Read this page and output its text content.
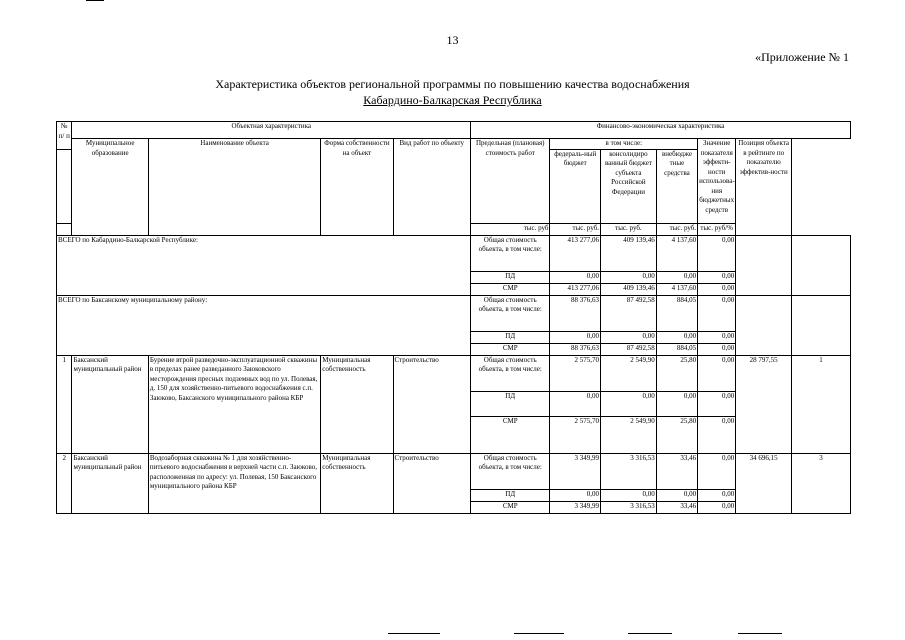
13
«Приложение № 1
Характеристика объектов региональной программы по повышению качества водоснабжения
Кабардино-Балкарская Республика
№ п/ п	Объектная характеристика				Финансово-экономическая характеристика						
	Муниципальное образование	Наименование объекта	Форма собственности на объект	Вид работ по объекту	Предельная (плановая) стоимость работ	в том числе:			Значение показателя эффекти-ности использова-ния бюджетных средств	Позиция объекта в рейтинге по показателю эффектив-ности	
						федераль-ный бюджет	консолидиро ванный бюджет субъекта Российской Федерации	внебюдже тные средства			
					тыс. руб	тыс. руб.	тыс. руб.	тыс. руб.	тыс. руб/%		
ВСЕГО по Кабардино-Балкарской Республике:					Общая стоимость объекта, в том числе:	413 277,06	409 139,46	4 137,60	0,00		
					ПД	0,00	0,00	0,00	0,00		
					СМР	413 277,06	409 139,46	4 137,60	0,00		
ВСЕГО по Баксанскому муниципальному району:					Общая стоимость объекта, в том числе:	88 376,63	87 492,58	884,05	0,00		
					ПД	0,00	0,00	0,00	0,00		
					СМР	88 376,63	87 492,58	884,05	0,00		
1	Баксанский муниципальный район	Бурение втрой разведочно-эксплуатационной скважины в пределах ранее разведанного Заюковского месторождения пресных подземных вод по ул. Полевая, д. 150 для хозяйственно-питьевого водоснабжения с.п. Заюково, Баксанского муниципального района КБР	Муниципальная собственность	Строительство	Общая стоимость объекта, в том числе:	2 575,70	2 549,90	25,80	0,00	28 797,55	1
					ПД	0,00	0,00	0,00	0,00		
					СМР	2 575,70	2 549,90	25,80	0,00		
2	Баксанский муниципальный район	Водозаборная скважина № 1 для хозяйственно-питьевого водоснабжения в верхней части с.п. Заюково, расположенная по адресу: ул. Полевая, 150 Баксанского муниципального района КБР	Муниципальная собственность	Строительство	Общая стоимость объекта, в том числе:	3 349,99	3 316,53	33,46	0,00	34 696,15	3
					ПД	0,00	0,00	0,00	0,00		
					СМР	3 349,99	3 316,53	33,46	0,00		
